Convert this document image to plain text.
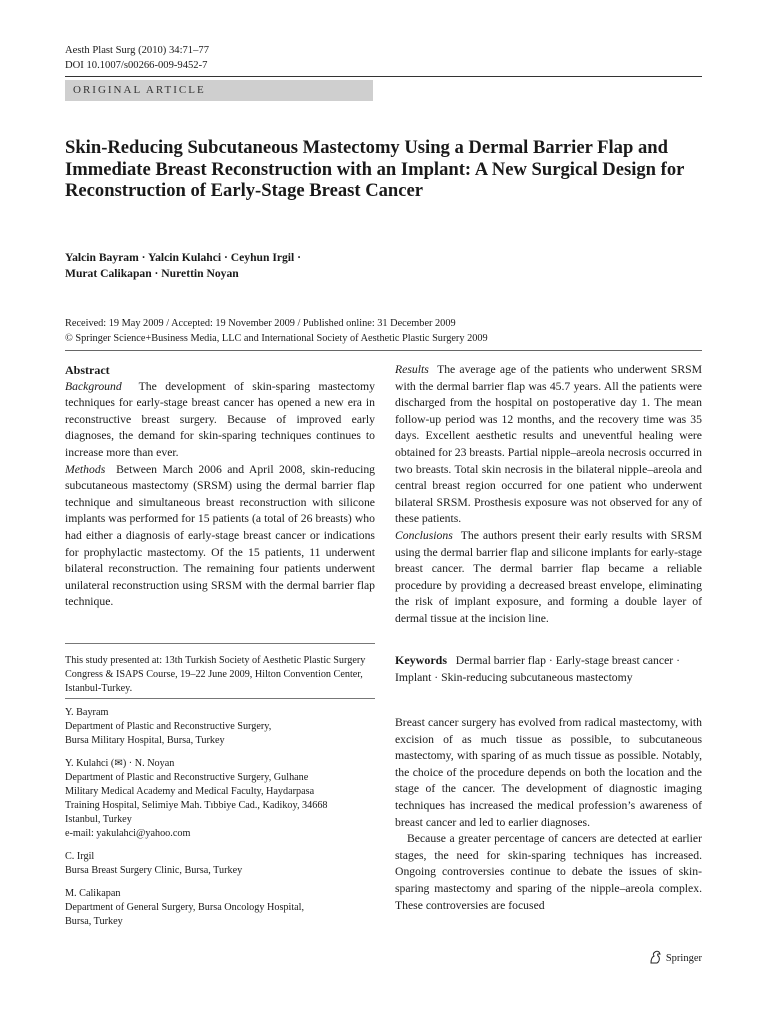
Aesth Plast Surg (2010) 34:71–77
DOI 10.1007/s00266-009-9452-7
ORIGINAL ARTICLE
Skin-Reducing Subcutaneous Mastectomy Using a Dermal Barrier Flap and Immediate Breast Reconstruction with an Implant: A New Surgical Design for Reconstruction of Early-Stage Breast Cancer
Yalcin Bayram · Yalcin Kulahci · Ceyhun Irgil ·
Murat Calikapan · Nurettin Noyan
Received: 19 May 2009 / Accepted: 19 November 2009 / Published online: 31 December 2009
© Springer Science+Business Media, LLC and International Society of Aesthetic Plastic Surgery 2009

Abstract

Background The development of skin-sparing mastectomy techniques for early-stage breast cancer has opened a new era in reconstructive breast surgery. Because of improved early diagnoses, the demand for skin-sparing techniques continues to increase more than ever.

Methods Between March 2006 and April 2008, skin-reducing subcutaneous mastectomy (SRSM) using the dermal barrier flap technique and simultaneous breast reconstruction with silicone implants was performed for 15 patients (a total of 26 breasts) who had either a diagnosis of early-stage breast cancer or indications for prophylactic mastectomy. Of the 15 patients, 11 underwent bilateral reconstruction. The remaining four patients underwent unilateral reconstruction using SRSM with the dermal barrier flap technique.

This study presented at: 13th Turkish Society of Aesthetic Plastic Surgery Congress & ISAPS Course, 19–22 June 2009, Hilton Convention Center, Istanbul-Turkey.

Y. Bayram

Department of Plastic and Reconstructive Surgery,

Bursa Military Hospital, Bursa, Turkey

Y. Kulahci (✉) · N. Noyan

Department of Plastic and Reconstructive Surgery, Gulhane

Military Medical Academy and Medical Faculty, Haydarpasa

Training Hospital, Selimiye Mah. Tıbbiye Cad., Kadikoy, 34668

Istanbul, Turkey

e-mail: yakulahci@yahoo.com

C. Irgil

Bursa Breast Surgery Clinic, Bursa, Turkey

M. Calikapan

Department of General Surgery, Bursa Oncology Hospital,

Bursa, Turkey

Results The average age of the patients who underwent SRSM with the dermal barrier flap was 45.7 years. All the patients were discharged from the hospital on postoperative day 1. The mean follow-up period was 12 months, and the recovery time was 35 days. Excellent aesthetic results and uneventful healing were obtained for 23 breasts. Partial nipple–areola necrosis occurred in two breasts. Total skin necrosis in the bilateral nipple–areola and central breast region occurred for one patient who underwent bilateral SRSM. Prosthesis exposure was not observed for any of these patients.

Conclusions The authors present their early results with SRSM using the dermal barrier flap and silicone implants for early-stage breast cancer. The dermal barrier flap became a reliable procedure by providing a decreased breast envelope, eliminating the risk of implant exposure, and forming a double layer of dermal tissue at the incision line.

Keywords Dermal barrier flap · Early-stage breast cancer · Implant · Skin-reducing subcutaneous mastectomy

Breast cancer surgery has evolved from radical mastectomy, with excision of as much tissue as possible, to subcutaneous mastectomy, with sparing of as much tissue as possible. Notably, the choice of the procedure depends on both the location and the stage of the cancer. The development of diagnostic imaging techniques has increased the medical profession’s awareness of breast cancer and led to earlier diagnoses.

Because a greater percentage of cancers are detected at earlier stages, the need for skin-sparing techniques has increased. Ongoing controversies continue to debate the issues of skin-sparing mastectomy and sparing of the nipple–areola complex. These controversies are focused

Springer
